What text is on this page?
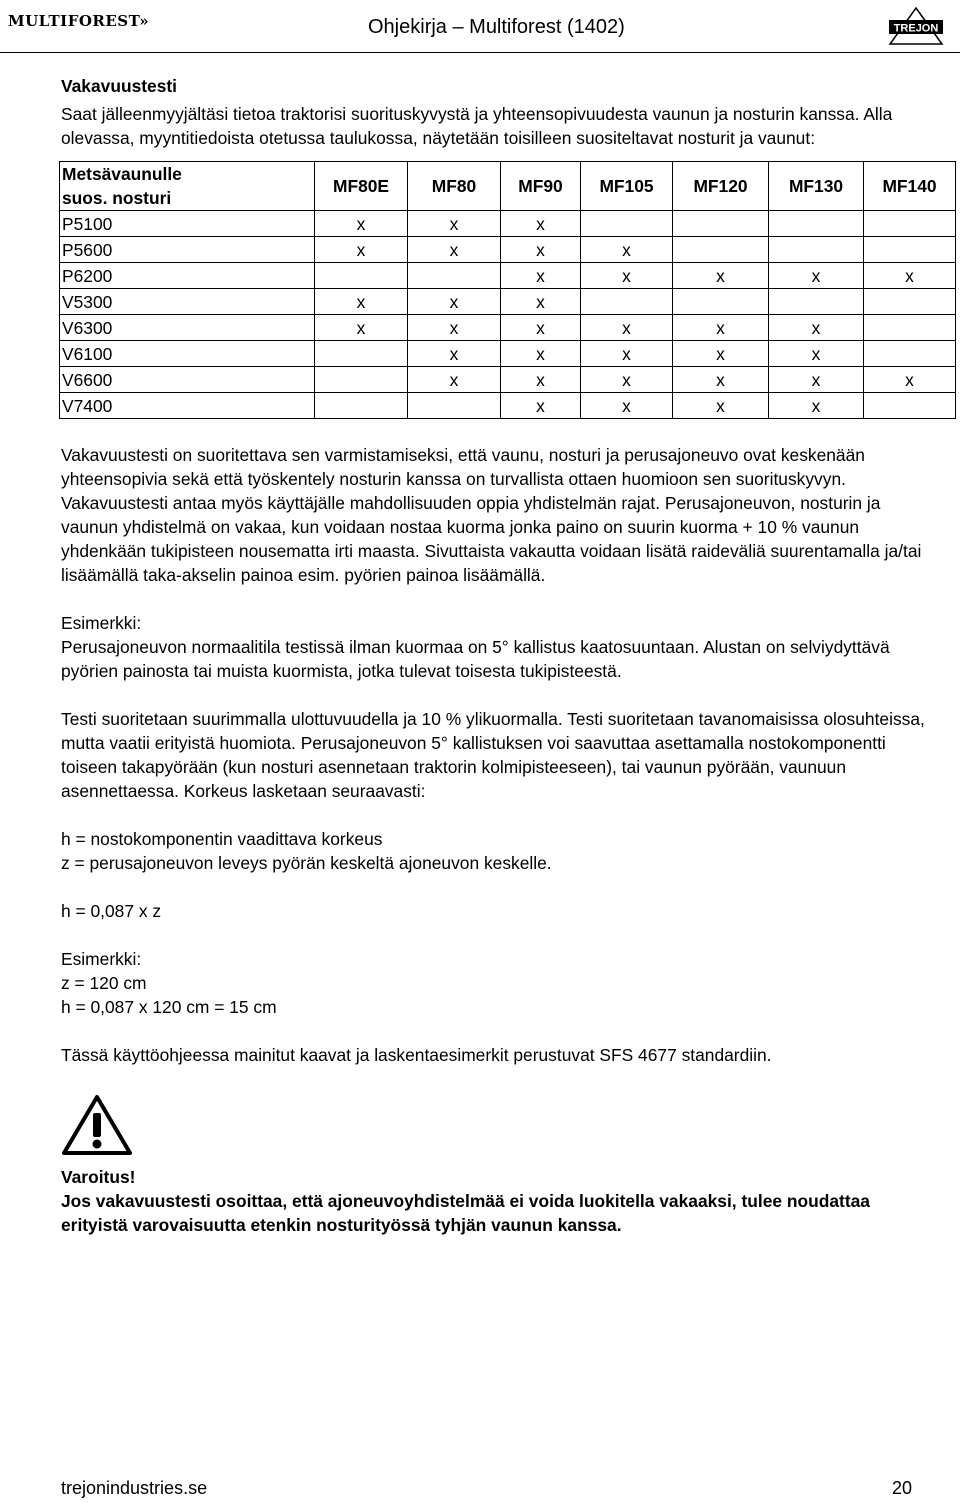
MULTIFOREST»	Ohjekirja – Multiforest (1402)	TREJON
Vakavuustesti

Saat jälleenmyyjältäsi tietoa traktorisi suorituskyvystä ja yhteensopivuudesta vaunun ja nosturin kanssa. Alla olevassa, myyntitiedoista otetussa taulukossa, näytetään toisilleen suositeltavat nosturit ja vaunut:

Metsävaunulle
suos. nosturi	MF80E	MF80	MF90	MF105	MF120	MF130	MF140

P5100	x	x	x				
P5600	x	x	x	x			
P6200			x	x	x	x	x
V5300	x	x	x				
V6300	x	x	x	x	x	x	
V6100		x	x	x	x	x	
V6600		x	x	x	x	x	x
V7400			x	x	x	x	

Vakavuustesti on suoritettava sen varmistamiseksi, että vaunu, nosturi ja perusajoneuvo ovat keskenään yhteensopivia sekä että työskentely nosturin kanssa on turvallista ottaen huomioon sen suorituskyvyn. Vakavuustesti antaa myös käyttäjälle mahdollisuuden oppia yhdistelmän rajat. Perusajoneuvon, nosturin ja vaunun yhdistelmä on vakaa, kun voidaan nostaa kuorma jonka paino on suurin kuorma + 10 % vaunun yhdenkään tukipisteen nousematta irti maasta. Sivuttaista vakautta voidaan lisätä raideväliä suurentamalla ja/tai lisäämällä taka-akselin painoa esim. pyörien painoa lisäämällä.

Esimerkki:

Perusajoneuvon normaalitila testissä ilman kuormaa on 5° kallistus kaatosuuntaan. Alustan on selviydyttävä pyörien painosta tai muista kuormista, jotka tulevat toisesta tukipisteestä.

Testi suoritetaan suurimmalla ulottuvuudella ja 10 % ylikuormalla. Testi suoritetaan tavanomaisissa olosuhteissa, mutta vaatii erityistä huomiota. Perusajoneuvon 5° kallistuksen voi saavuttaa asettamalla nostokomponentti toiseen takapyörään (kun nosturi asennetaan traktorin kolmipisteeseen), tai vaunun pyörään, vaunuun asennettaessa. Korkeus lasketaan seuraavasti:

h = nostokomponentin vaadittava korkeus

z = perusajoneuvon leveys pyörän keskeltä ajoneuvon keskelle.

h = 0,087 x z

Esimerkki:

z = 120 cm

h = 0,087 x 120 cm = 15 cm

Tässä käyttöohjeessa mainitut kaavat ja laskentaesimerkit perustuvat SFS 4677 standardiin.

Varoitus!

Jos vakavuustesti osoittaa, että ajoneuvoyhdistelmää ei voida luokitella vakaaksi, tulee noudattaa erityistä varovaisuutta etenkin nosturityössä tyhjän vaunun kanssa.

trejonindustries.se	20
